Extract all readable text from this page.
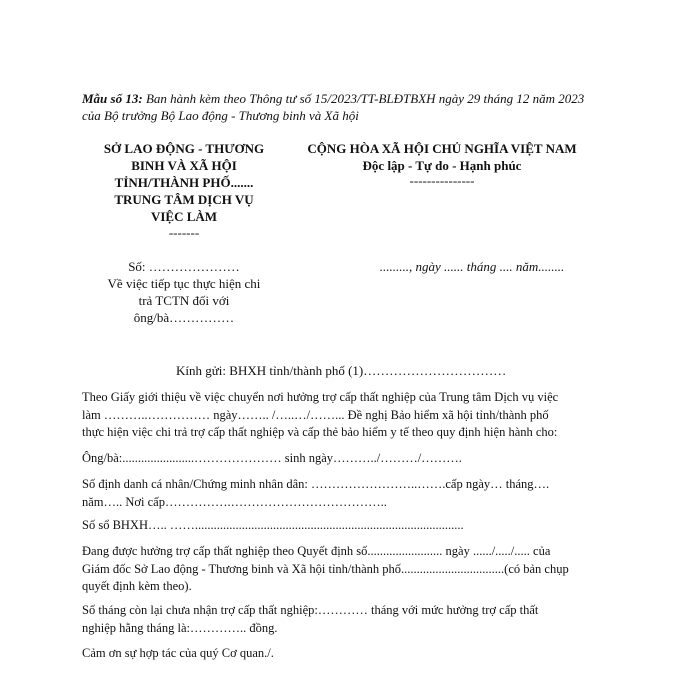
Mẫu số 13: Ban hành kèm theo Thông tư số 15/2023/TT-BLĐTBXH ngày 29 tháng 12 năm 2023
của Bộ trưởng Bộ Lao động - Thương binh và Xã hội
SỞ LAO ĐỘNG - THƯƠNG
BINH VÀ XÃ HỘI
TỈNH/THÀNH PHỐ.......
TRUNG TÂM DỊCH VỤ
VIỆC LÀM
-------
CỘNG HÒA XÃ HỘI CHỦ NGHĨA VIỆT NAM
Độc lập - Tự do - Hạnh phúc
---------------
Số: …………………
Về việc tiếp tục thực hiện chi
trả TCTN đối với
ông/bà……………
........., ngày ...... tháng .... năm........
Kính gửi: BHXH tỉnh/thành phố (1)……………………………
Theo Giấy giới thiệu về việc chuyển nơi hưởng trợ cấp thất nghiệp của Trung tâm Dịch vụ việc
làm ………..…………… ngày…….. /…..…/……... Đề nghị Bảo hiểm xã hội tỉnh/thành phố
thực hiện việc chi trả trợ cấp thất nghiệp và cấp thẻ bảo hiểm y tế theo quy định hiện hành cho:
Ông/bà:.......................………………… sinh ngày………../………/……….
Số định danh cá nhân/Chứng minh nhân dân: ……………………..…….cấp ngày… tháng….
năm….. Nơi cấp…………….………………………………..
Số sổ BHXH….. ……......................................................................................
Đang được hưởng trợ cấp thất nghiệp theo Quyết định số........................ ngày ....../...../..... của
Giám đốc Sở Lao động - Thương binh và Xã hội tỉnh/thành phố.................................(có bản chụp
quyết định kèm theo).
Số tháng còn lại chưa nhận trợ cấp thất nghiệp:………… tháng với mức hưởng trợ cấp thất
nghiệp hằng tháng là:………….. đồng.
Cảm ơn sự hợp tác của quý Cơ quan./.
